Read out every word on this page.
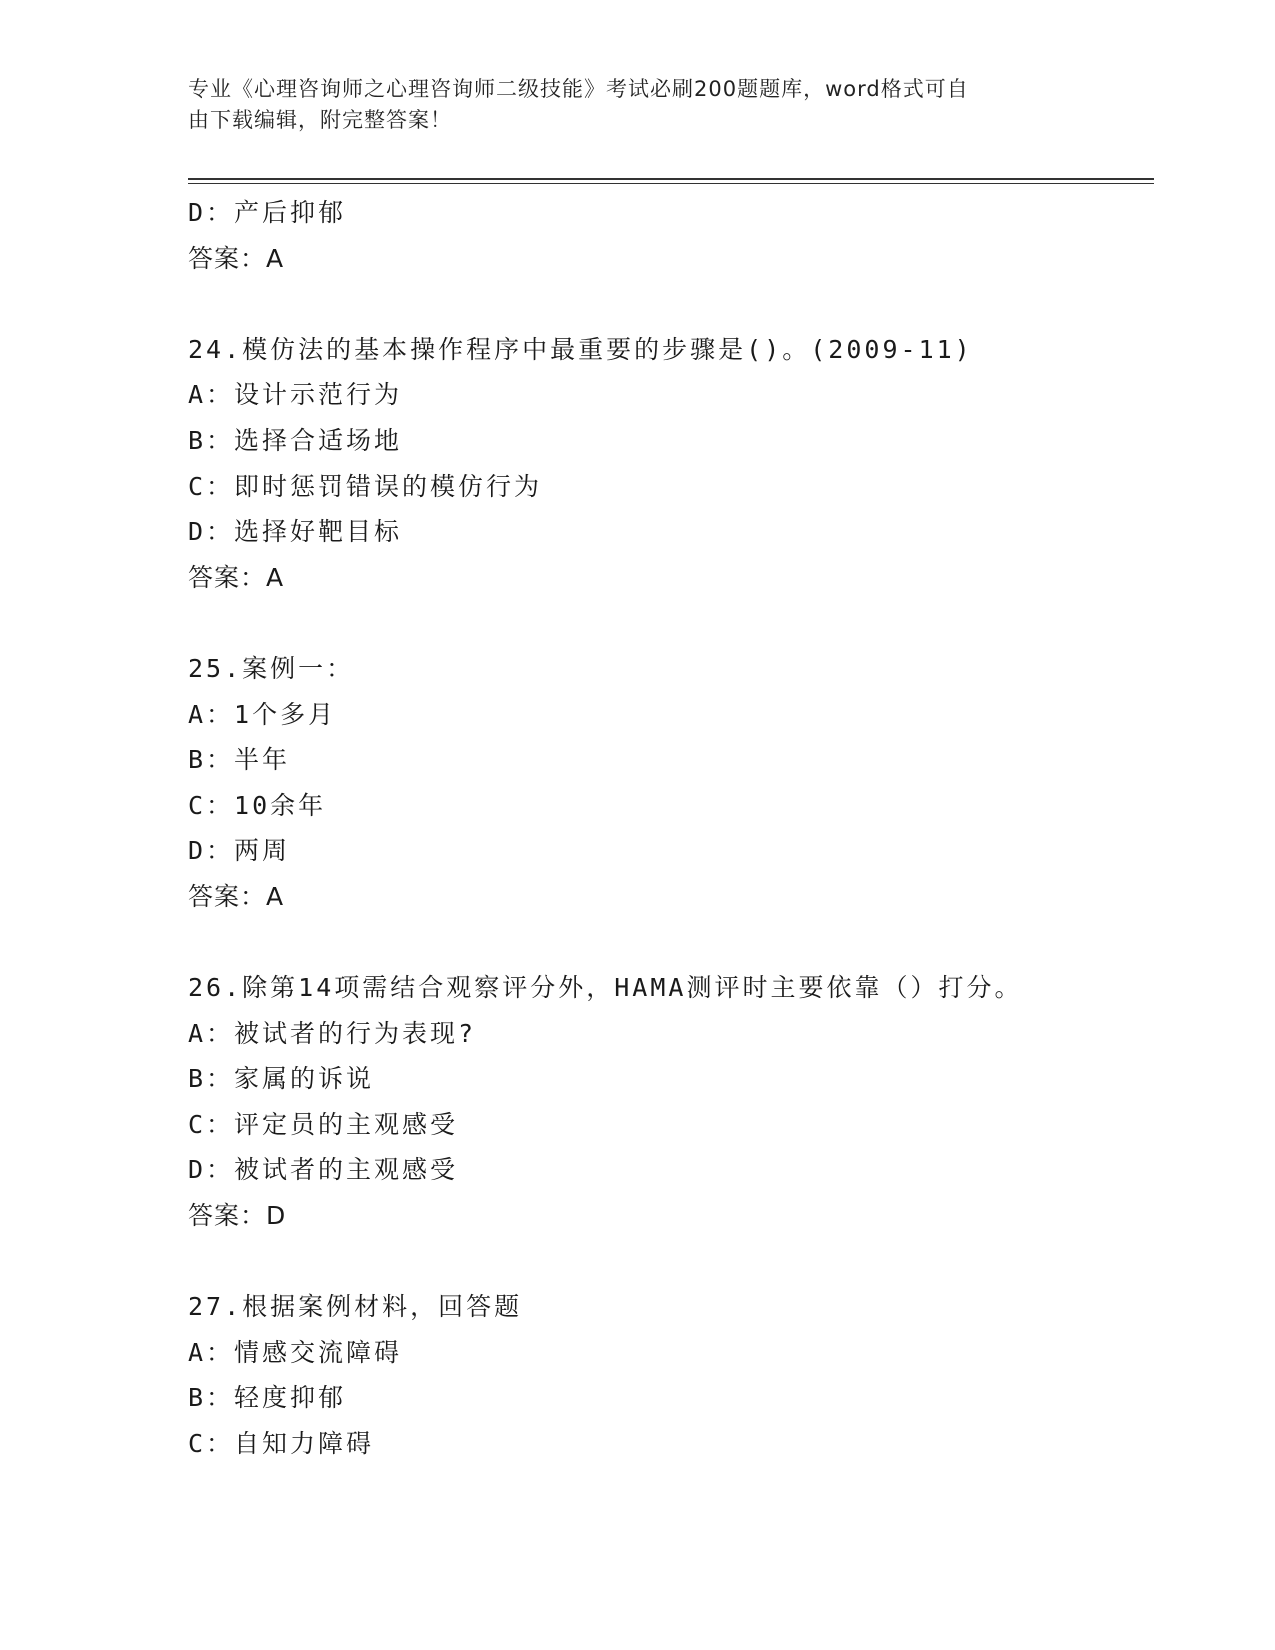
专业《心理咨询师之心理咨询师二级技能》考试必刷200题题库，word格式可自
由下载编辑，附完整答案！
D：产后抑郁
答案：A
24.模仿法的基本操作程序中最重要的步骤是()。(2009-11)
A：设计示范行为
B：选择合适场地
C：即时惩罚错误的模仿行为
D：选择好靶目标
答案：A
25.案例一：
A：1个多月
B：半年
C：10余年
D：两周
答案：A
26.除第14项需结合观察评分外，HAMA测评时主要依靠（）打分。
A：被试者的行为表现?
B：家属的诉说
C：评定员的主观感受
D：被试者的主观感受
答案：D
27.根据案例材料，回答题
A：情感交流障碍
B：轻度抑郁
C：自知力障碍
